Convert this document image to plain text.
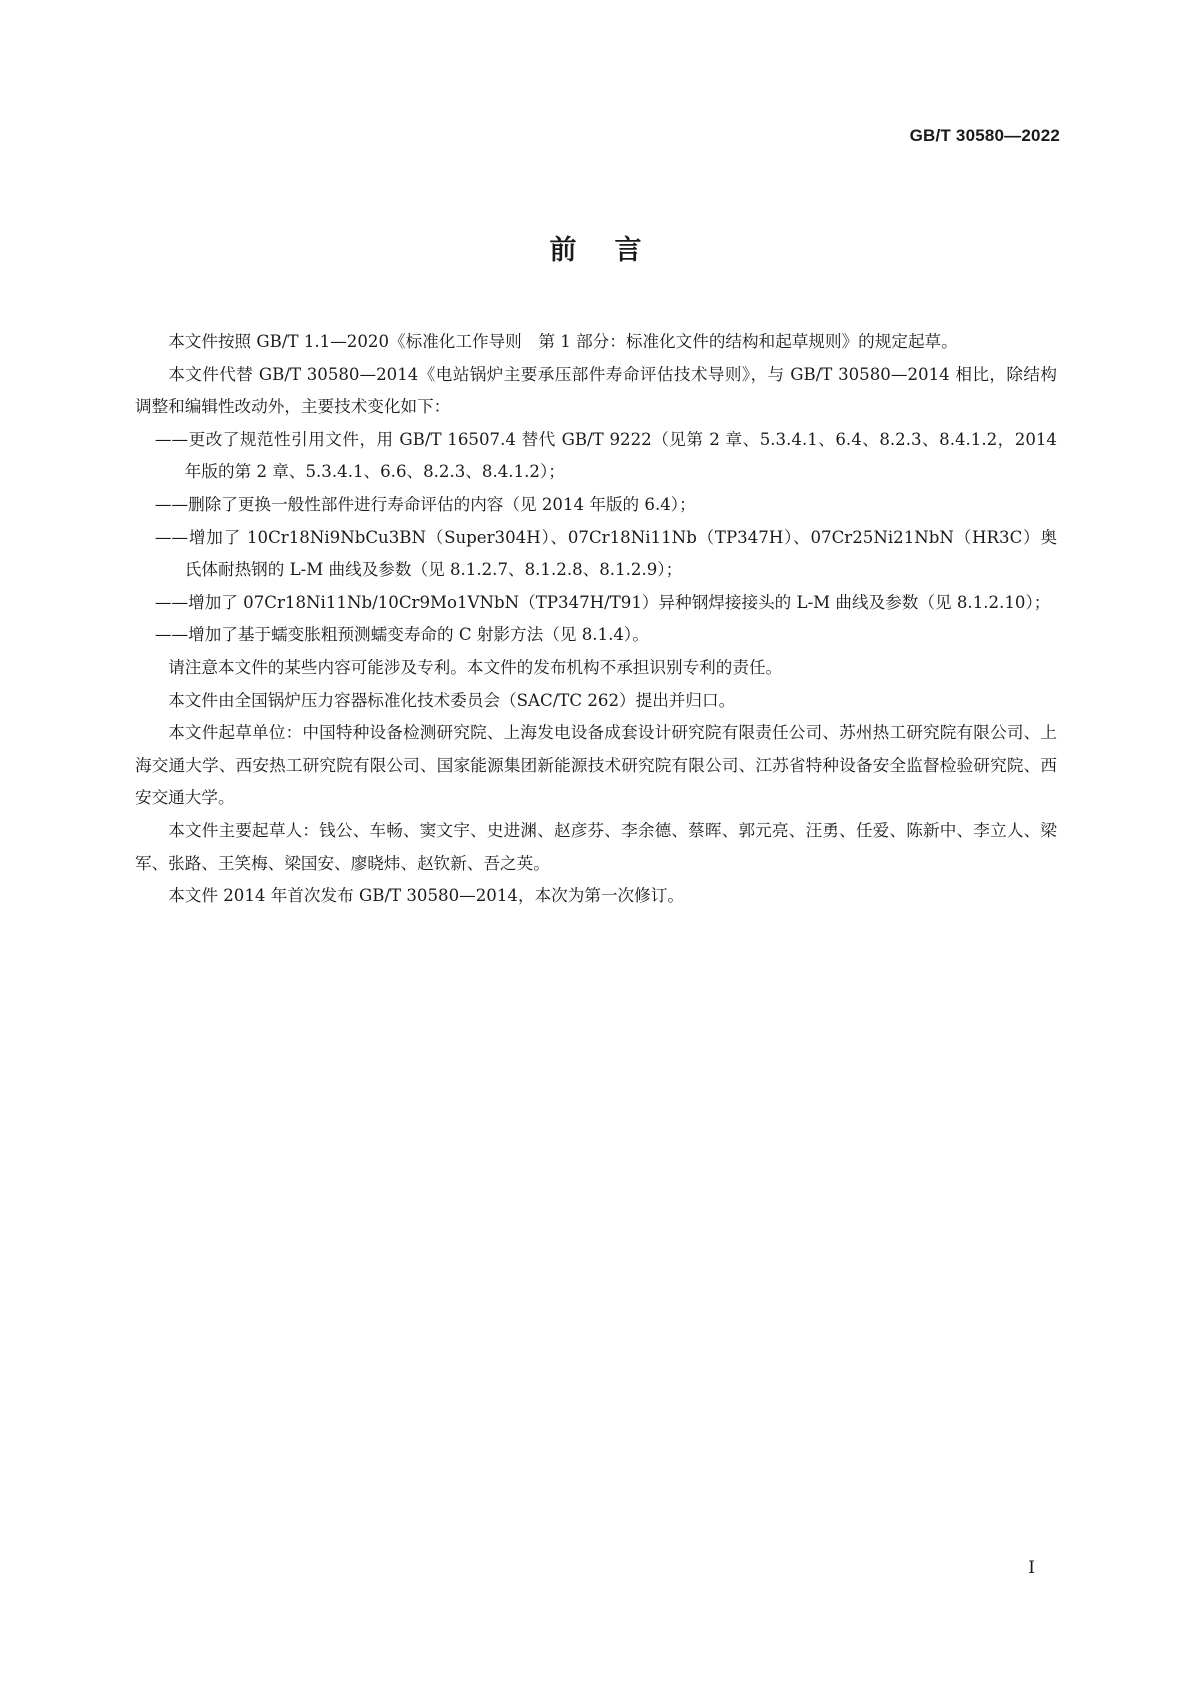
GB/T 30580—2022
前言

本文件按照 GB/T 1.1—2020《标准化工作导则　第 1 部分：标准化文件的结构和起草规则》的规定起草。

本文件代替 GB/T 30580—2014《电站锅炉主要承压部件寿命评估技术导则》，与 GB/T 30580—2014 相比，除结构调整和编辑性改动外，主要技术变化如下：

——更改了规范性引用文件，用 GB/T 16507.4 替代 GB/T 9222（见第 2 章、5.3.4.1、6.4、8.2.3、8.4.1.2，2014 年版的第 2 章、5.3.4.1、6.6、8.2.3、8.4.1.2）；

——删除了更换一般性部件进行寿命评估的内容（见 2014 年版的 6.4）；

——增加了 10Cr18Ni9NbCu3BN（Super304H）、07Cr18Ni11Nb（TP347H）、07Cr25Ni21NbN（HR3C）奥氏体耐热钢的 L-M 曲线及参数（见 8.1.2.7、8.1.2.8、8.1.2.9）；

——增加了 07Cr18Ni11Nb/10Cr9Mo1VNbN（TP347H/T91）异种钢焊接接头的 L-M 曲线及参数（见 8.1.2.10）；

——增加了基于蠕变胀粗预测蠕变寿命的 C 射影方法（见 8.1.4）。

请注意本文件的某些内容可能涉及专利。本文件的发布机构不承担识别专利的责任。

本文件由全国锅炉压力容器标准化技术委员会（SAC/TC 262）提出并归口。

本文件起草单位：中国特种设备检测研究院、上海发电设备成套设计研究院有限责任公司、苏州热工研究院有限公司、上海交通大学、西安热工研究院有限公司、国家能源集团新能源技术研究院有限公司、江苏省特种设备安全监督检验研究院、西安交通大学。

本文件主要起草人：钱公、车畅、窦文宇、史进渊、赵彦芬、李余德、蔡晖、郭元亮、汪勇、任爱、陈新中、李立人、梁军、张路、王笑梅、梁国安、廖晓炜、赵钦新、吾之英。

本文件 2014 年首次发布 GB/T 30580—2014，本次为第一次修订。

I
